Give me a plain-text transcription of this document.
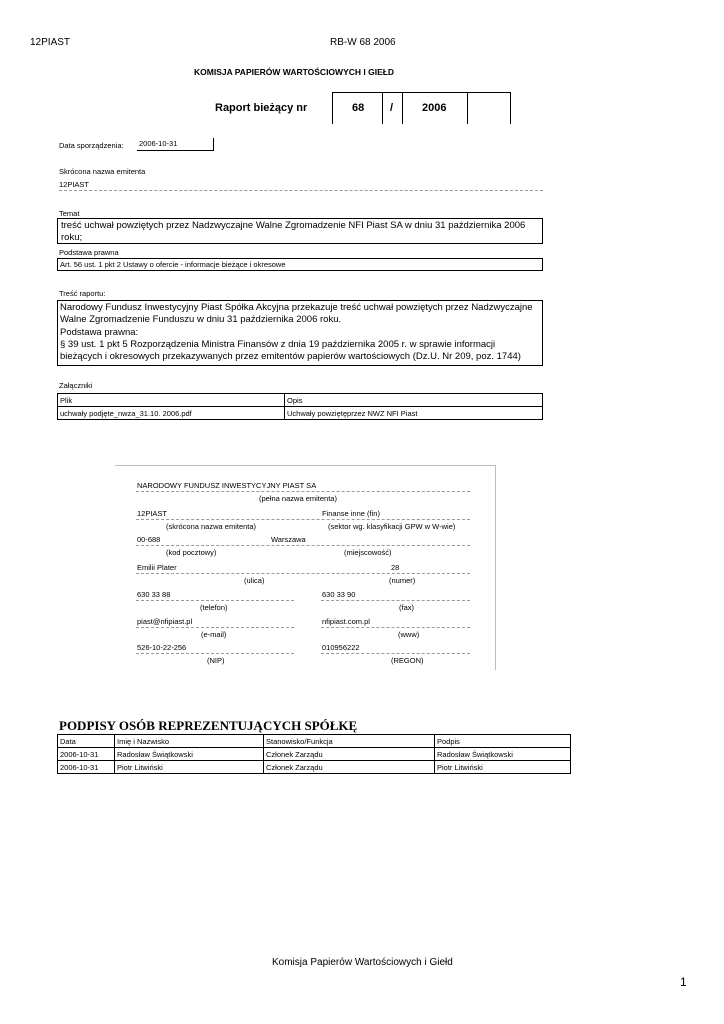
12PIAST	RB-W 68 2006
KOMISJA PAPIERÓW WARTOŚCIOWYCH I GIEŁD
Raport bieżący nr	68 /	2006
Data sporządzenia: 2006-10-31
Skrócona nazwa emitenta
12PIAST
Temat
treść uchwał powziętych przez Nadzwyczajne Walne Zgromadzenie NFI Piast SA w dniu 31 października 2006 roku;
Podstawa prawna
Art. 56 ust. 1 pkt 2 Ustawy o ofercie - informacje bieżące i okresowe
Treść raportu:
Narodowy Fundusz Inwestycyjny Piast Spółka Akcyjna przekazuje treść uchwał powziętych przez Nadzwyczajne
Walne Zgromadzenie Funduszu w dniu 31 października 2006 roku.
Podstawa prawna:
§ 39 ust. 1 pkt 5 Rozporządzenia Ministra Finansów z dnia 19 października 2005 r. w sprawie informacji
bieżących i okresowych przekazywanych przez emitentów papierów wartościowych (Dz.U. Nr 209, poz. 1744)
Załączniki
Plik	Opis
uchwały podjęte_nwza_31.10. 2006.pdf	Uchwały powziętęprzez NWZ NFI Piast
NARODOWY FUNDUSZ INWESTYCYJNY PIAST SA
(pełna nazwa emitenta)
12PIAST	Finanse inne (fin)
(skrócona nazwa emitenta)	(sektor wg. klasyfikacji GPW w W-wie)
00-688	Warszawa
(kod pocztowy)	(miejscowość)
Emilii Plater	28
(ulica)	(numer)
630 33 88	630 33 90
(telefon)	(fax)
piast@nfipiast.pl	nfipiast.com.pl
(e-mail)	(www)
526-10-22-256	010956222
(NIP)	(REGON)
PODPISY OSÓB REPREZENTUJĄCYCH SPÓŁKĘ
Data	Imię i Nazwisko	Stanowisko/Funkcja	Podpis
2006-10-31	Radosław Świątkowski	Członek Zarządu	Radosław Świątkowski
2006-10-31	Piotr Litwiński	Członek Zarządu	Piotr Litwiński
Komisja Papierów Wartościowych i Giełd
1
